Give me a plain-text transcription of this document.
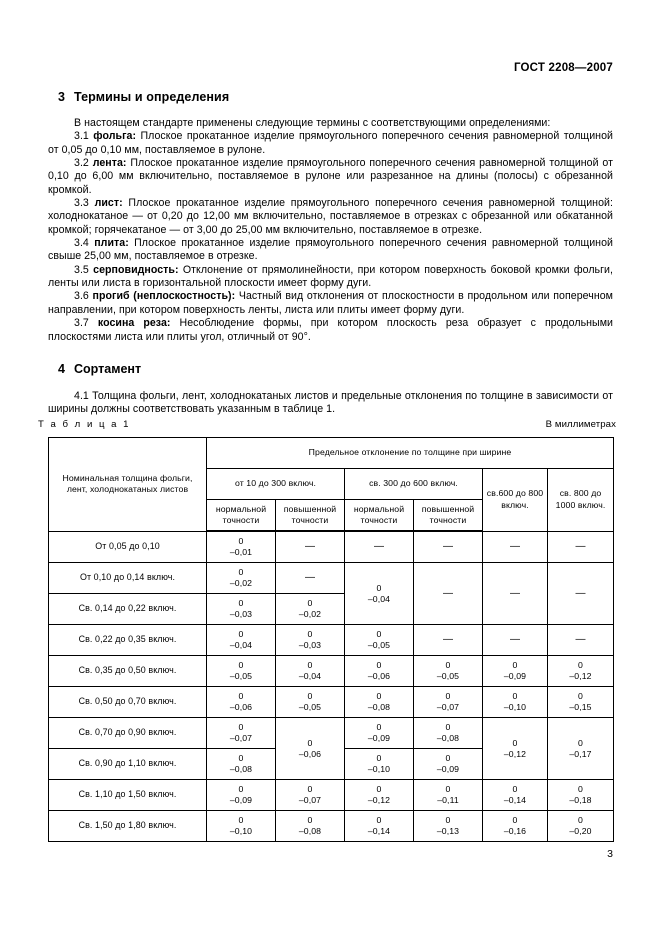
ГОСТ 2208—2007
3 Термины и определения

В настоящем стандарте применены следующие термины с соответствующими определениями:

3.1 фольга: Плоское прокатанное изделие прямоугольного поперечного сечения равномерной толщиной от 0,05 до 0,10 мм, поставляемое в рулоне.

3.2 лента: Плоское прокатанное изделие прямоугольного поперечного сечения равномерной толщиной от 0,10 до 6,00 мм включительно, поставляемое в рулоне или разрезанное на длины (полосы) с обрезанной кромкой.

3.3 лист: Плоское прокатанное изделие прямоугольного поперечного сечения равномерной толщиной: холоднокатаное — от 0,20 до 12,00 мм включительно, поставляемое в отрезках с обрезанной или обкатанной кромкой; горячекатаное — от 3,00 до 25,00 мм включительно, поставляемое в отрезке.

3.4 плита: Плоское прокатанное изделие прямоугольного поперечного сечения равномерной толщиной свыше 25,00 мм, поставляемое в отрезке.

3.5 серповидность: Отклонение от прямолинейности, при котором поверхность боковой кромки фольги, ленты или листа в горизонтальной плоскости имеет форму дуги.

3.6 прогиб (неплоскостность): Частный вид отклонения от плоскостности в продольном или поперечном направлении, при котором поверхность ленты, листа или плиты имеет форму дуги.

3.7 косина реза: Несоблюдение формы, при котором плоскость реза образует с продольными плоскостями листа или плиты угол, отличный от 90°.

4 Сортамент

4.1 Толщина фольги, лент, холоднокатаных листов и предельные отклонения по толщине в зависимости от ширины должны соответствовать указанным в таблице 1.

Т а б л и ц а 1	В миллиметрах
Номинальная толщина фольги, лент, холоднокатаных листов	Предельное отклонение по толщине при ширине					
	от 10 до 300 включ.		св. 300 до 600 включ.		св.600 до 800 включ.	св. 800 до 1000 включ.
	нормальной точности	повышенной точности	нормальной точности	повышенной точности		
От 0,05 до 0,10	0
–0,01	—	—	—	—	—
От 0,10 до 0,14 включ.	0
–0,02	—	0
–0,04	—	—	—
Св. 0,14 до 0,22 включ.	0
–0,03	0
–0,02				

Св. 0,22 до 0,35 включ.	0
–0,04	0
–0,03	0
–0,05	—	—	—
Св. 0,35 до 0,50 включ.	0
–0,05	0
–0,04	0
–0,06	0
–0,05	0
–0,09	0
–0,12

Св. 0,50 до 0,70 включ.	0
–0,06	0
–0,05	0
–0,08	0
–0,07	0
–0,10	0
–0,15

Св. 0,70 до 0,90 включ.	0
–0,07	0
–0,06	0
–0,09	0
–0,08	0
–0,12	0
–0,17

Св. 0,90 до 1,10 включ.	0
–0,08		0
–0,10	0
–0,09		

Св. 1,10 до 1,50 включ.	0
–0,09	0
–0,07	0
–0,12	0
–0,11	0
–0,14	0
–0,18

Св. 1,50 до 1,80 включ.	0
–0,10	0
–0,08	0
–0,14	0
–0,13	0
–0,16	0
–0,20
3
